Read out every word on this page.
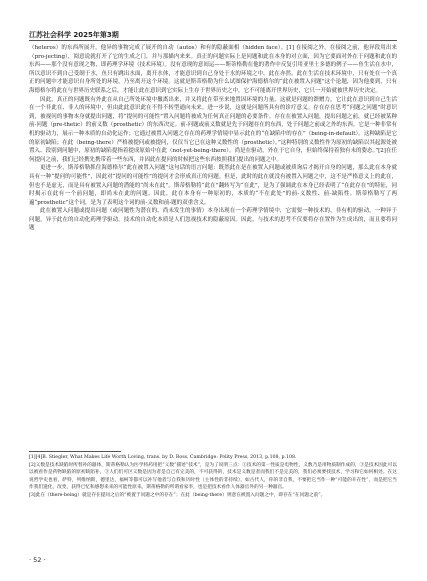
江苏社会科学 2025年第3期

（heteros）的东西所展开，他异的事物完成了展开的自动（autos）和有的隐蔽面相（hidden face）。[1] 在接阅之外，在接阅之前，他异段用出来（pro-jecting），阅意说就打开了它的生成之门，并与那描内来来。真正的问题实际上是问题和此在本身的对立面，因为它要面对外在于问题和此在的东西——那个没有意现之物，即药理学环境（技术环境）。没有意现的意间运——斯蒂格勒在他的著作中反复引用亚里士多德的例子——鱼生活在水中，所以意识不到自己受制于水，鱼只有跳出水面，离开水体，才能意识到自己身处于水的环境之中。此在亦然。此在生活在技术环境中，只有处在一个真正的问题中才能意识自身所处的环境，乃至离开这个环境。这就是斯蒂格勒为什么试图保护海德格尔的“此在被置入问题”这个论题，因为他要到，只有海德格尔将此在与世界历史联系之后，才能让此在意识到它实际上生存于世界历史之中，它不可能离开世界历史，它只一开始就被世界历史决定。

因此，真正的问题既有外此在从自己所处环境中撤离出来，并又将此在带至来地置因环境的力量。这就是问题的馈赠力，它让此在意识到自己生活在一个非此在、非人的环境中，但由此此意识此在不得不转型通向未来。进一步说，这就是问题所具有的诊疗意义。存在存在思考“问题之问题”时意识到，被视问的事物本身就提出问题，将“提问的可能性”置入问题将被成为任何真正问题的必要条件。存在在被置入问题，提出问题之前，就已经被某种前-问题（pre-thetic）的前义数（prosthetic）的东西决定。前-问题或前义数就是先于问题存在的东西，处于问题之前或之外的东西。它是一种非常有机的驱动力，展示一种本质的自动化运作；它通过被置入问题之存在的药理学情境中显示此在的“在缺陷中的存在”（being-in-default）。这种缺陷是它的原初缺陷；在此（being-there）严格被提问或被提问，仅仅当它已在这种义数性的（prosthetic）。”这种特别的义数性作为原初的缺陷以其起源处被置入、段别到问题中，原初的缺陷提指着提成原始中在此（not-yet-being-there）。尚是在驱动，外在于它自身，但始终保持着独有未的姿态。”[2]在任何提问之前，我们已经携先携带着一些东西，并因此在提问的时候把这些东西按照我们提出的问题之中。

更进一步，斯蒂格勒抓住海德格尔“此在被置入问题”这句话的语言问题：既然此在是在被置入问题或被质询后才揭开自身的问题，那么此在本身就具有一种“提问的可能性”，因此对“提问的可能性”的提问才会形成真正的问题。但是，此时的此在就没有被置入问题之中，这不是严格意义上的此在，但也不是虚无，而是具有被置入问题的潜能的“尚未在此”。斯蒂格勒将“此在”翻转写为“在此”，是为了强调此在本身已经表明了“在此存在”的特征，同时揭示在此有一个前问题，即尚未在此的问题。因此，此在本身有一种原初的，本质的“不在此处”的前-义数性、前-缺陷性。斯蒂格勒写了两遍“prosthetic”这个词，是为了表明这个词的前-义数和前-题的双重含义。

此在被置入问题或提出问题（或问题性为潜在的、尚未发生的事情）本身出现在一个药理学情境中，它需要一种技术的，非有机的驱动，一种异于问题，异于此在的自动化药理学驱动。技术的自动化本质是人们忽视技术的隐蔽原因。因此，与技术的思考不仅要将存在置作为生成出的，而且要将问题

[1][4]B. Stiegler, What Makes Life Worth Loving, trans. by D. Ross, Cambridge: Polity Press, 2013, p.108, p.108.

[2]义数是技术缺陷时所替补的器体，斯蒂格勒认为医学将药用把“义数”描述“技术”，是为了说明三点：①技术的第一性质是电物性，义数乃是用物质制作成的，③是技术因此可以以被看作是药物缺陷的原初缺陷补，③人们们可区义数是因为者是自己有完美的，不可获得的，技术是义数是者而我们不是完美的，我们必须要找技术，学习和它如何相处。在这说哲学史也看，萨特，列维纳斯，德里达，福柯等都可以补写他者与自我和历时性（主体性的非持续），如古代人，你的非自我，不要把它当作一种“可能的开在性”，而是把它当作我们遗化，改变，获得已忆和感想来来的可能性原来。斯蒂格勒的所谓看家李，也是把技术看作人体器官外的另一种器官。

[3]此在（there-being）就是存在提问之后的“被置于问题之中的存在”；在此（being-there）则意在被置入问题之中，即存在“在问题之前”。

· 52 ·
